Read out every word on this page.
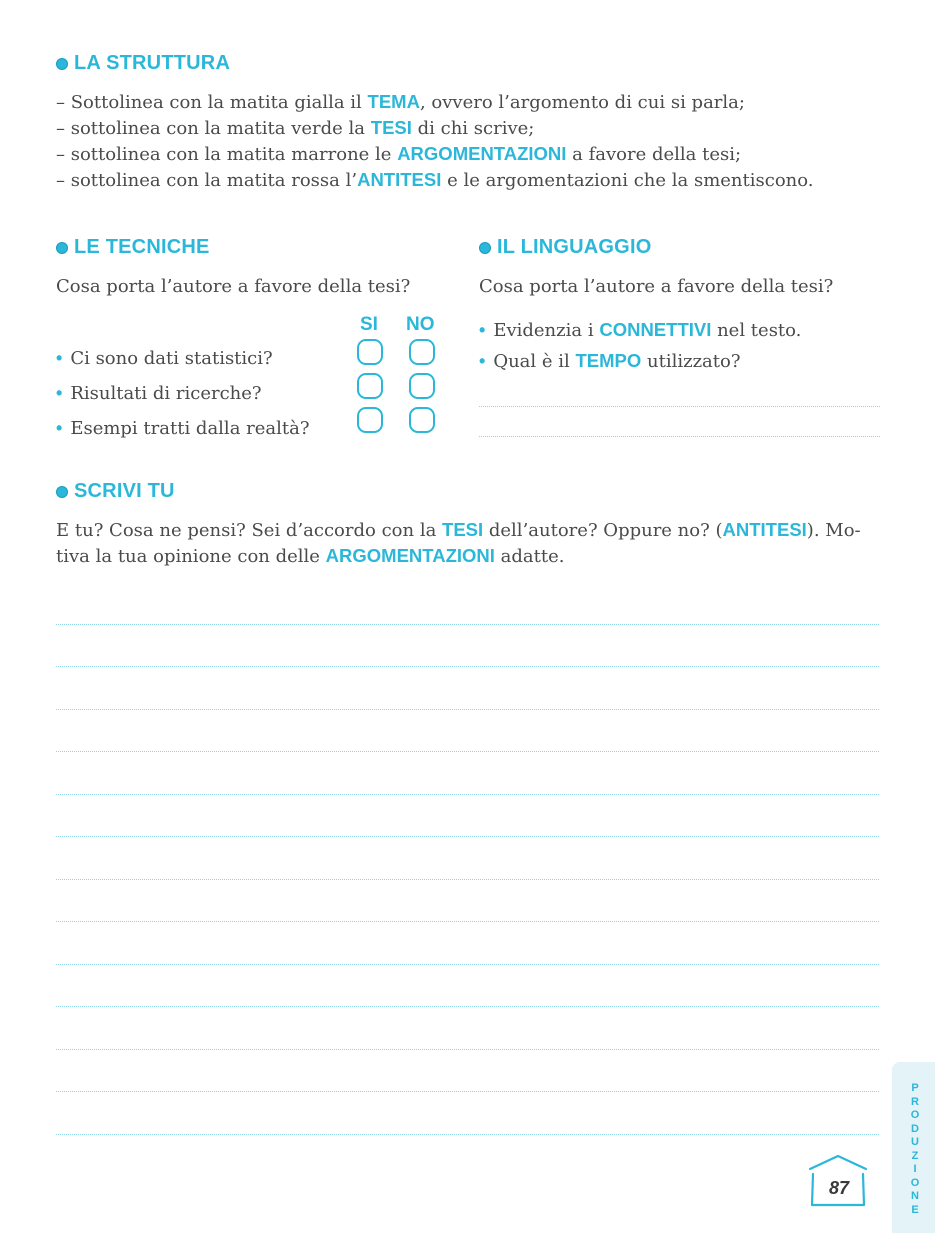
LA STRUTTURA
– Sottolinea con la matita gialla il TEMA, ovvero l’argomento di cui si parla;
– sottolinea con la matita verde la TESI di chi scrive;
– sottolinea con la matita marrone le ARGOMENTAZIONI a favore della tesi;
– sottolinea con la matita rossa l’ANTITESI e le argomentazioni che la smentiscono.
LE TECNICHE
Cosa porta l’autore a favore della tesi?
SI NO
• Ci sono dati statistici?
• Risultati di ricerche?
• Esempi tratti dalla realtà?
IL LINGUAGGIO
Cosa porta l’autore a favore della tesi?
• Evidenzia i CONNETTIVI nel testo.
• Qual è il TEMPO utilizzato?
SCRIVI TU
E tu? Cosa ne pensi? Sei d’accordo con la TESI dell’autore? Oppure no? (ANTITESI). Mo-
tiva la tua opinione con delle ARGOMENTAZIONI adatte.
P
R
O
D
U
Z
I
O
N
E
87
